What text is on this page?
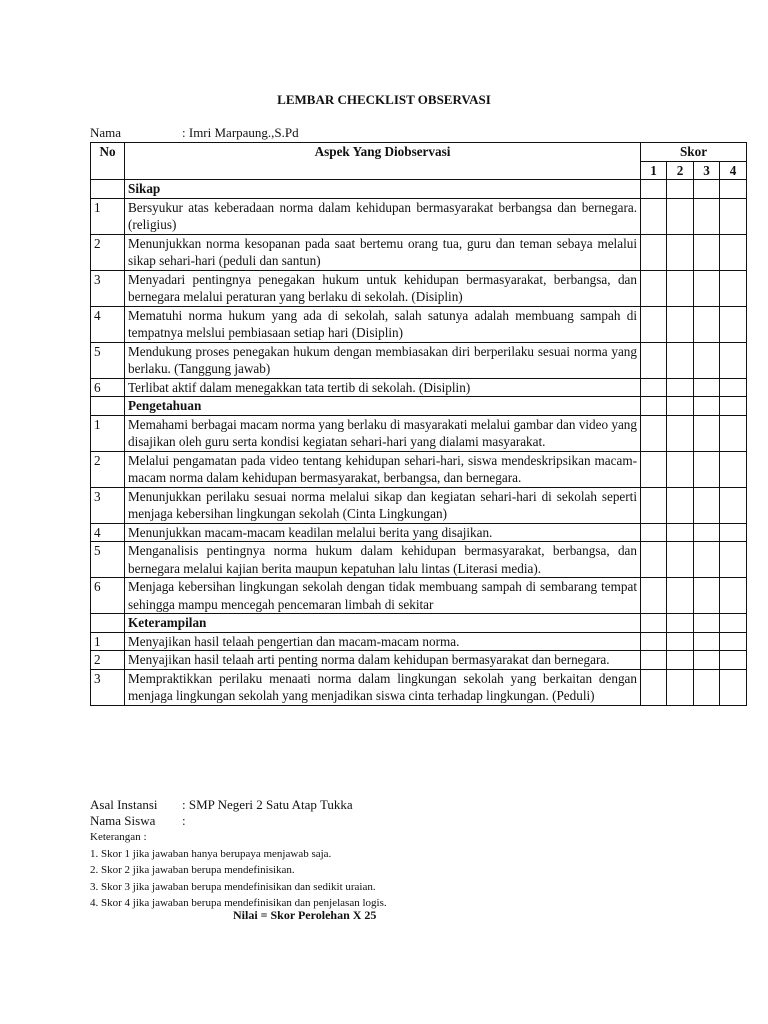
LEMBAR CHECKLIST OBSERVASI
Nama	: Imri Marpaung.,S.Pd
No	Aspek Yang Diobservasi	Skor			
		1	2	3	4
	Sikap				
1	Bersyukur atas keberadaan norma dalam kehidupan bermasyarakat berbangsa dan bernegara. (religius)				
2	Menunjukkan norma kesopanan pada saat bertemu orang tua, guru dan teman sebaya melalui sikap sehari-hari (peduli dan santun)				
3	Menyadari pentingnya penegakan hukum untuk kehidupan bermasyarakat, berbangsa, dan bernegara melalui peraturan yang berlaku di sekolah. (Disiplin)				
4	Mematuhi norma hukum yang ada di sekolah, salah satunya adalah membuang sampah di tempatnya melslui pembiasaan setiap hari (Disiplin)				
5	Mendukung proses penegakan hukum dengan membiasakan diri berperilaku sesuai norma yang berlaku. (Tanggung jawab)				
6	Terlibat aktif dalam menegakkan tata tertib di sekolah. (Disiplin)				
	Pengetahuan				
1	Memahami berbagai macam norma yang berlaku di masyarakati melalui gambar dan video yang disajikan oleh guru serta kondisi kegiatan sehari-hari yang dialami masyarakat.				
2	Melalui pengamatan pada video tentang kehidupan sehari-hari, siswa mendeskripsikan macam-macam norma dalam kehidupan bermasyarakat, berbangsa, dan bernegara.				
3	Menunjukkan perilaku sesuai norma melalui sikap dan kegiatan sehari-hari di sekolah seperti menjaga kebersihan lingkungan sekolah (Cinta Lingkungan)				
4	Menunjukkan macam-macam keadilan melalui berita yang disajikan.				
5	Menganalisis pentingnya norma hukum dalam kehidupan bermasyarakat, berbangsa, dan bernegara melalui kajian berita maupun kepatuhan lalu lintas (Literasi media).				
6	Menjaga kebersihan lingkungan sekolah dengan tidak membuang sampah di sembarang tempat sehingga mampu mencegah pencemaran limbah di sekitar				
	Keterampilan				
1	Menyajikan hasil telaah pengertian dan macam-macam norma.				
2	Menyajikan hasil telaah arti penting norma dalam kehidupan bermasyarakat dan bernegara.				
3	Mempraktikkan perilaku menaati norma dalam lingkungan sekolah yang berkaitan dengan menjaga lingkungan sekolah yang menjadikan siswa cinta terhadap lingkungan. (Peduli)				
Asal Instansi : SMP Negeri 2 Satu Atap Tukka
Nama Siswa :
Keterangan :
1. Skor 1 jika jawaban hanya berupaya menjawab saja.
2. Skor 2 jika jawaban berupa mendefinisikan.
3. Skor 3 jika jawaban berupa mendefinisikan dan sedikit uraian.
4. Skor 4 jika jawaban berupa mendefinisikan dan penjelasan logis.
Nilai = Skor Perolehan X 25
